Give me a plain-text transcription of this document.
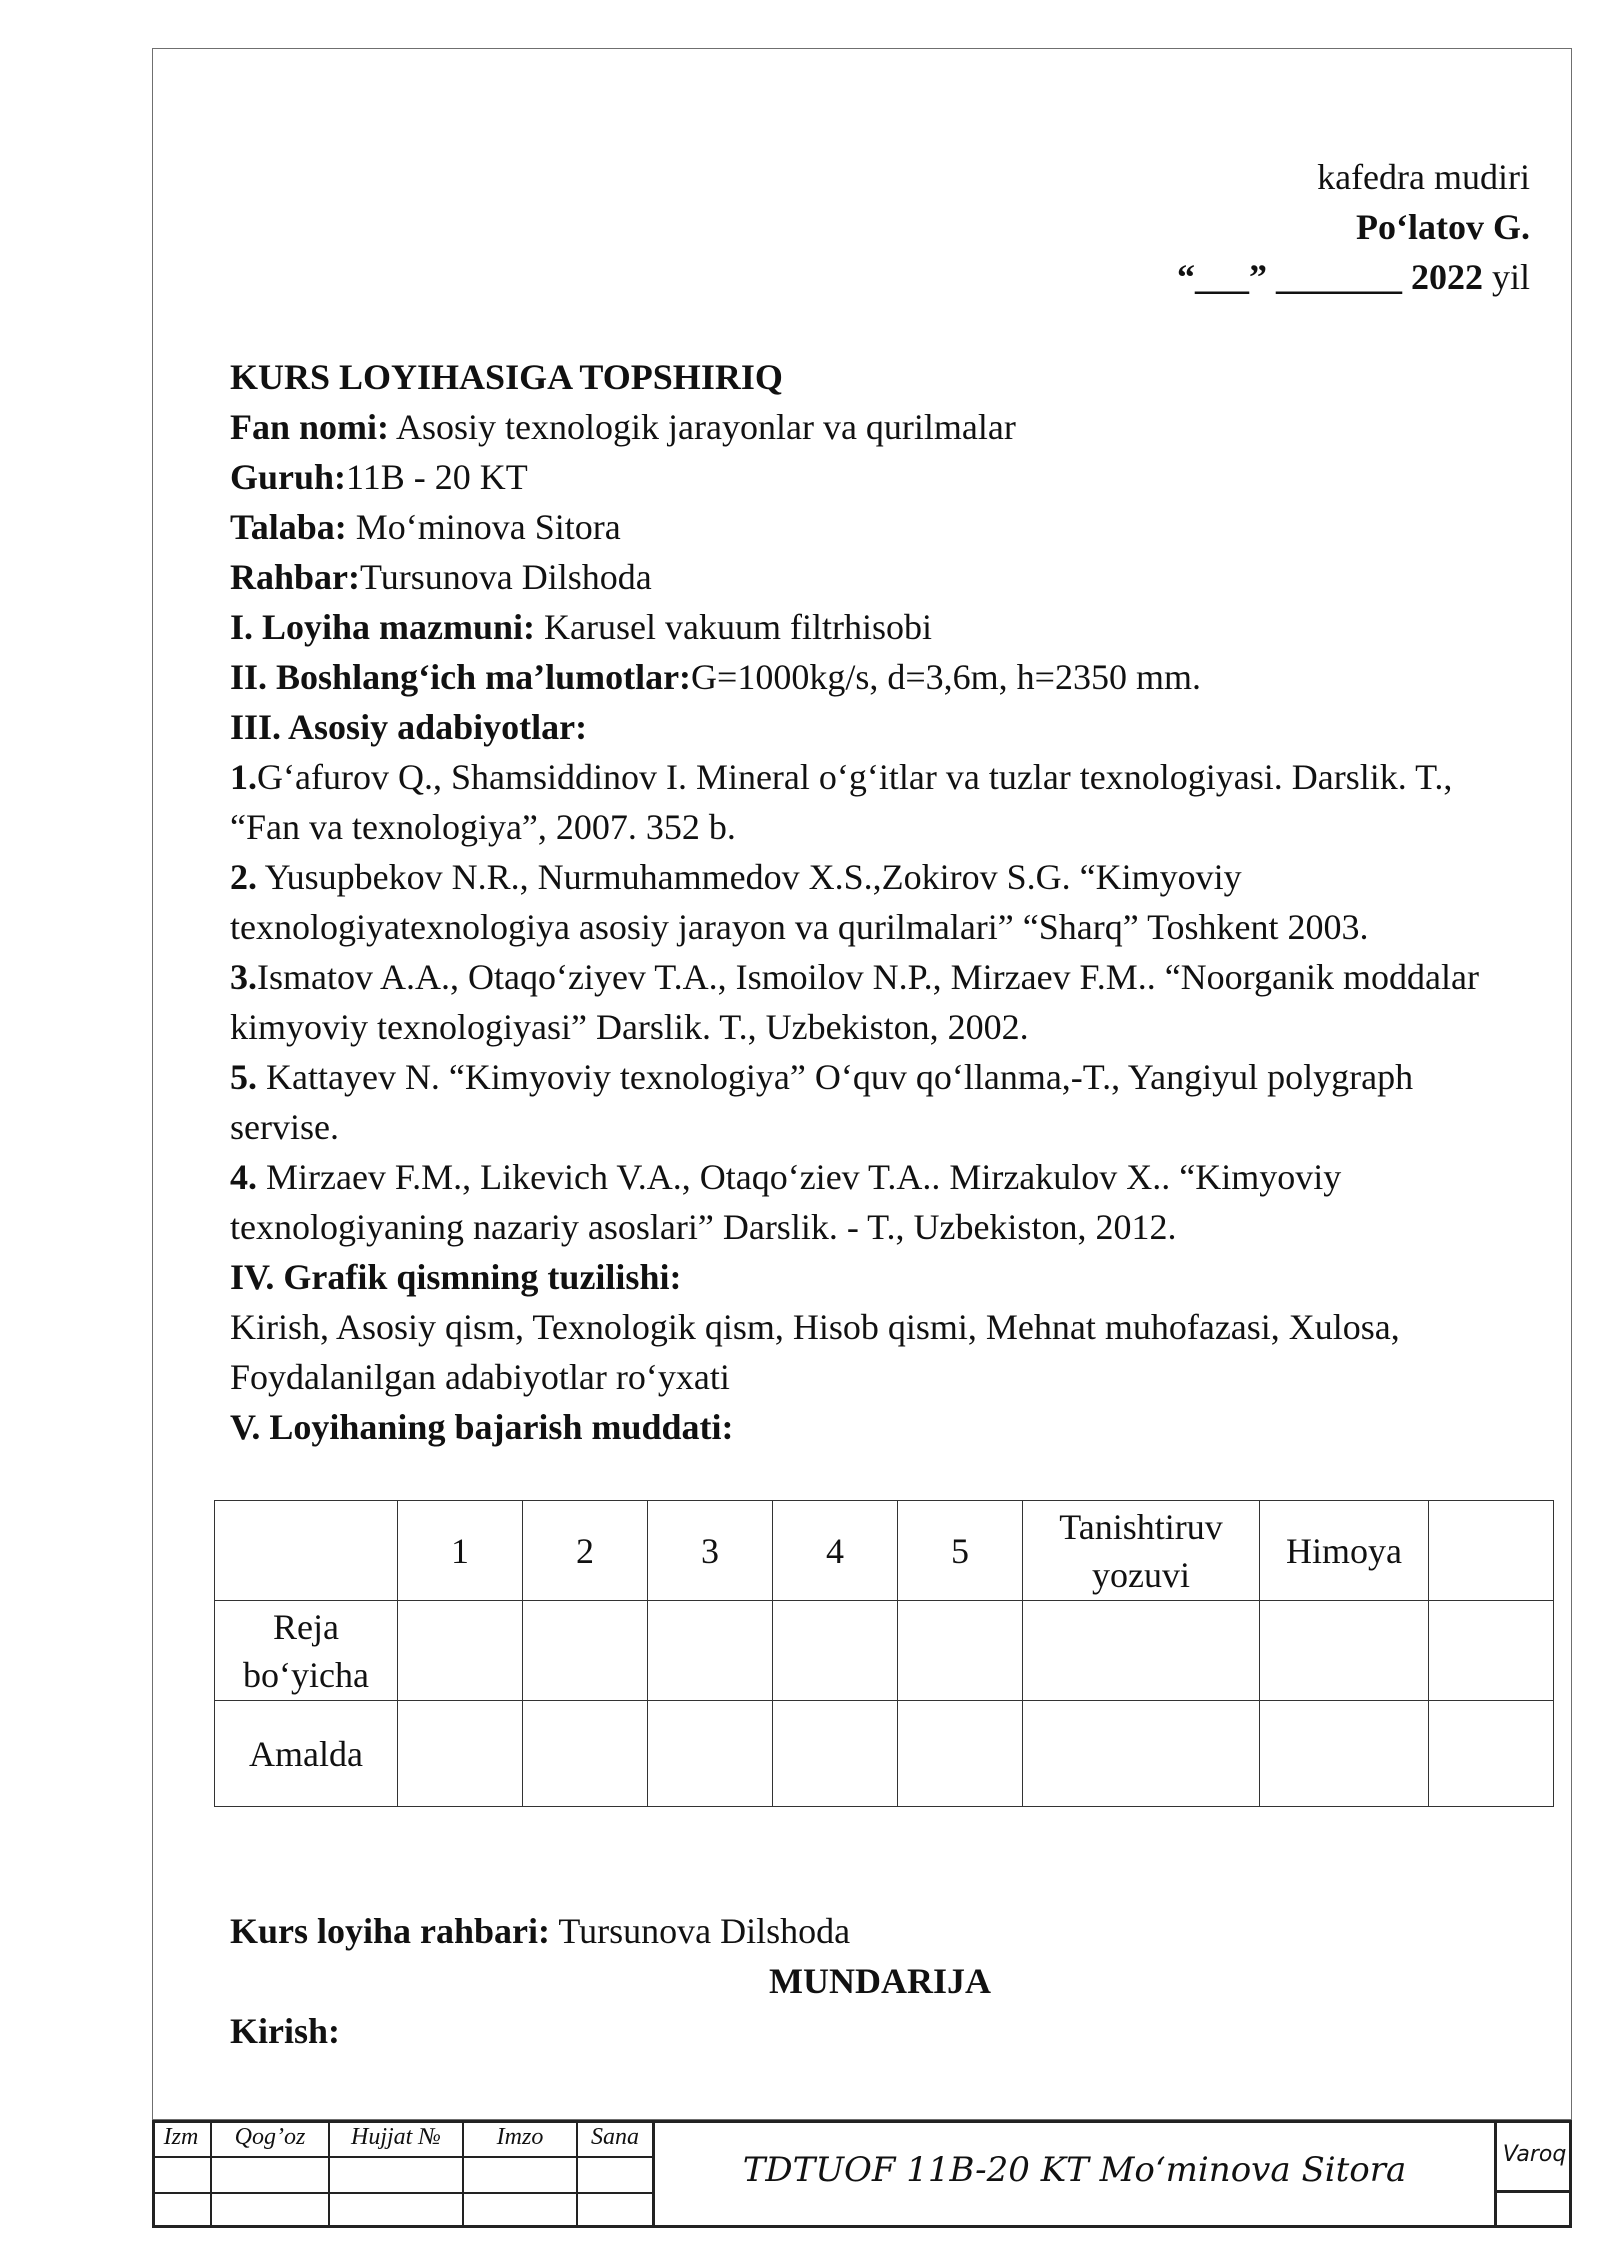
kafedra mudiri
Po‘latov G.
“___” _______ 2022 yil

KURS LOYIHASIGA TOPSHIRIQ

Fan nomi: Asosiy texnologik jarayonlar va qurilmalar

Guruh:11B - 20 KT

Talaba: Mo‘minova Sitora

Rahbar:Tursunova Dilshoda

I. Loyiha mazmuni: Karusel vakuum filtrhisobi

II. Boshlang‘ich ma’lumotlar:G=1000kg/s, d=3,6m, h=2350 mm.

III. Asosiy adabiyotlar:

1.G‘afurov Q., Shamsiddinov I. Mineral o‘g‘itlar va tuzlar texnologiyasi. Darslik. T., “Fan va texnologiya”, 2007. 352 b.

2. Yusupbekov N.R., Nurmuhammedov X.S.,Zokirov S.G. “Kimyoviy texnologiyatexnologiya asosiy jarayon va qurilmalari” “Sharq” Toshkent 2003.

3.Ismatov A.A., Otaqo‘ziyev T.A., Ismoilov N.P., Mirzaev F.M.. “Noorganik moddalar kimyoviy texnologiyasi” Darslik. T., Uzbekiston, 2002.

5. Kattayev N. “Kimyoviy texnologiya” O‘quv qo‘llanma,-T., Yangiyul polygraph servise.

4. Mirzaev F.M., Likevich V.A., Otaqo‘ziev T.A.. Mirzakulov X.. “Kimyoviy texnologiyaning nazariy asoslari” Darslik. - T., Uzbekiston, 2012.

IV. Grafik qismning tuzilishi:

Kirish, Asosiy qism, Texnologik qism, Hisob qismi, Mehnat muhofazasi, Xulosa, Foydalanilgan adabiyotlar ro‘yxati

V. Loyihaning bajarish muddati:

	1	2	3	4	5	Tanishtiruv yozuvi	Himoya	
Reja bo‘yicha								
Amalda								
Kurs loyiha rahbari: Tursunova Dilshoda
MUNDARIJA
Kirish:
Izm	Qog’oz	Hujjat №	Imzo	Sana
TDTUOF 11B-20 KT Mo‘minova Sitora	Varoq
